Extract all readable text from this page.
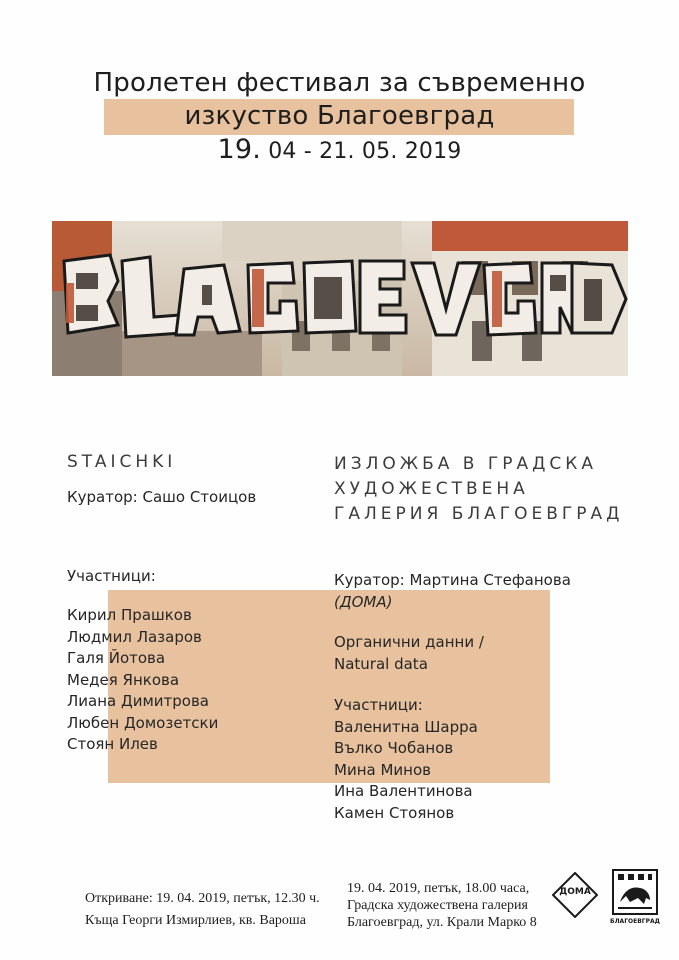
Пролетен фестивал за съвременно
изкуство Благоевград
19. 04 - 21. 05. 2019
STAICHKI
Куратор: Сашо Стоицов
Участници:
Кирил Прашков
Людмил Лазаров
Галя Йотова
Медея Янкова
Лиана Димитрова
Любен Домозетски
Стоян Илев
ИЗЛОЖБА В ГРАДСКА
ХУДОЖЕСТВЕНА
ГАЛЕРИЯ БЛАГОЕВГРАД
Куратор: Мартина Стефанова
(ДОМА)
Органични данни /
Natural data
Участници:
Валенитна Шарра
Вълко Чобанов
Мина Минов
Ина Валентинова
Камен Стоянов
Откриване: 19. 04. 2019, петък, 12.30 ч.
Къща Георги Измирлиев, кв. Вароша
19. 04. 2019, петък, 18.00 часа,
Градска художествена галерия
Благоевград, ул. Крали Марко 8
ДОМА
БЛАГОЕВГРАД
